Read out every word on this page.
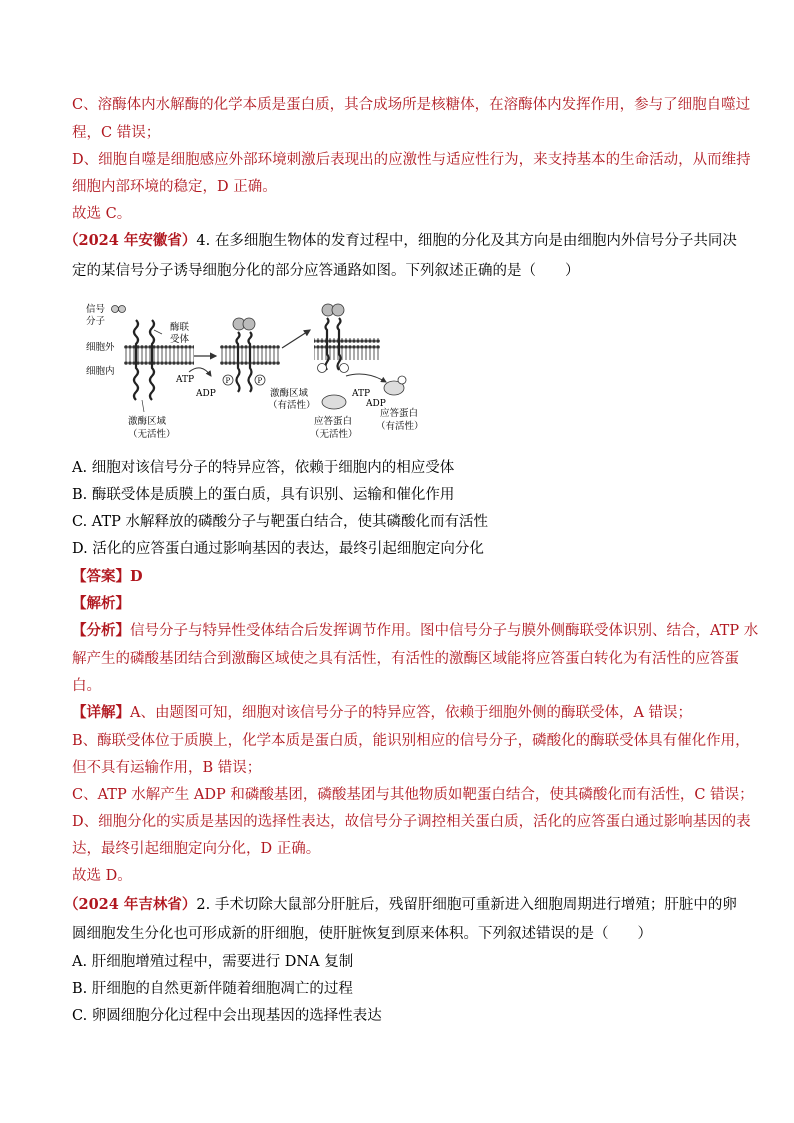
C、溶酶体内水解酶的化学本质是蛋白质，其合成场所是核糖体，在溶酶体内发挥作用，参与了细胞自噬过
程，C 错误；
D、细胞自噬是细胞感应外部环境刺激后表现出的应激性与适应性行为，来支持基本的生命活动，从而维持
细胞内部环境的稳定，D 正确。
故选 C。
（2024 年安徽省）4. 在多细胞生物体的发育过程中，细胞的分化及其方向是由细胞内外信号分子共同决
定的某信号分子诱导细胞分化的部分应答通路如图。下列叙述正确的是（　　）
信号
分子
细胞外
细胞内
酶联
受体
激酶区域
（无活性）
ATP
ADP
P	P
激酶区域
（有活性）
ATP
ADP
应答蛋白
（无活性）
应答蛋白
（有活性）
A. 细胞对该信号分子的特异应答，依赖于细胞内的相应受体
B. 酶联受体是质膜上的蛋白质，具有识别、运输和催化作用
C. ATP 水解释放的磷酸分子与靶蛋白结合，使其磷酸化而有活性
D. 活化的应答蛋白通过影响基因的表达，最终引起细胞定向分化
【答案】D
【解析】
【分析】信号分子与特异性受体结合后发挥调节作用。图中信号分子与膜外侧酶联受体识别、结合，ATP 水
解产生的磷酸基团结合到激酶区域使之具有活性，有活性的激酶区域能将应答蛋白转化为有活性的应答蛋
白。
【详解】A、由题图可知，细胞对该信号分子的特异应答，依赖于细胞外侧的酶联受体，A 错误；
B、酶联受体位于质膜上，化学本质是蛋白质，能识别相应的信号分子，磷酸化的酶联受体具有催化作用，
但不具有运输作用，B 错误；
C、ATP 水解产生 ADP 和磷酸基团，磷酸基团与其他物质如靶蛋白结合，使其磷酸化而有活性，C 错误；
D、细胞分化的实质是基因的选择性表达，故信号分子调控相关蛋白质，活化的应答蛋白通过影响基因的表
达，最终引起细胞定向分化，D 正确。
故选 D。
（2024 年吉林省）2. 手术切除大鼠部分肝脏后，残留肝细胞可重新进入细胞周期进行增殖；肝脏中的卵
圆细胞发生分化也可形成新的肝细胞，使肝脏恢复到原来体积。下列叙述错误的是（　　）
A. 肝细胞增殖过程中，需要进行 DNA 复制
B. 肝细胞的自然更新伴随着细胞凋亡的过程
C. 卵圆细胞分化过程中会出现基因的选择性表达
